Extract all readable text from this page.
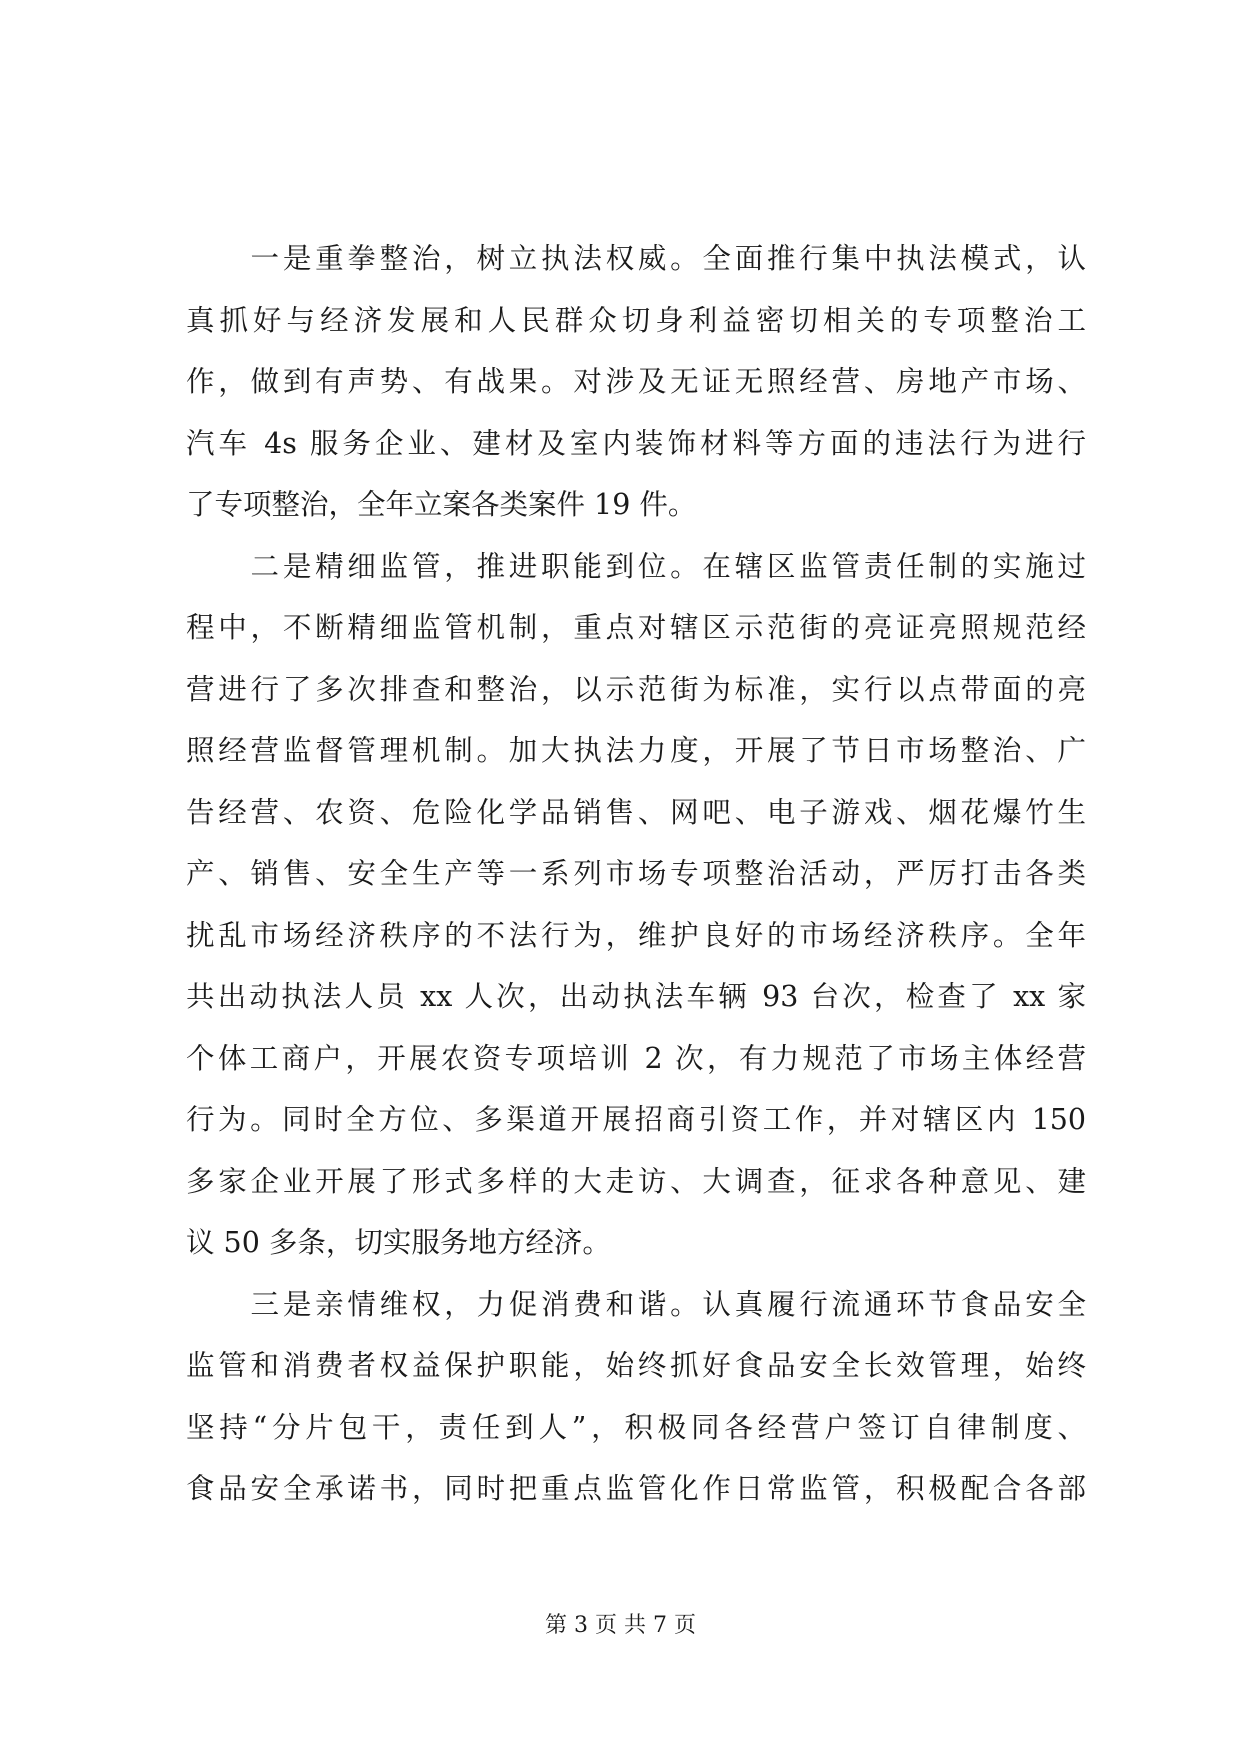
　　一是重拳整治，树立执法权威。全面推行集中执法模式，认
真抓好与经济发展和人民群众切身利益密切相关的专项整治工
作，做到有声势、有战果。对涉及无证无照经营、房地产市场、
汽车 4s 服务企业、建材及室内装饰材料等方面的违法行为进行
了专项整治，全年立案各类案件 19 件。
　　二是精细监管，推进职能到位。在辖区监管责任制的实施过
程中，不断精细监管机制，重点对辖区示范街的亮证亮照规范经
营进行了多次排查和整治，以示范街为标准，实行以点带面的亮
照经营监督管理机制。加大执法力度，开展了节日市场整治、广
告经营、农资、危险化学品销售、网吧、电子游戏、烟花爆竹生
产、销售、安全生产等一系列市场专项整治活动，严厉打击各类
扰乱市场经济秩序的不法行为，维护良好的市场经济秩序。全年
共出动执法人员 xx 人次，出动执法车辆 93 台次，检查了 xx 家
个体工商户，开展农资专项培训 2 次，有力规范了市场主体经营
行为。同时全方位、多渠道开展招商引资工作，并对辖区内 150
多家企业开展了形式多样的大走访、大调查，征求各种意见、建
议 50 多条，切实服务地方经济。
　　三是亲情维权，力促消费和谐。认真履行流通环节食品安全
监管和消费者权益保护职能，始终抓好食品安全长效管理，始终
坚持“分片包干，责任到人”，积极同各经营户签订自律制度、
食品安全承诺书，同时把重点监管化作日常监管，积极配合各部
第 3 页 共 7 页
